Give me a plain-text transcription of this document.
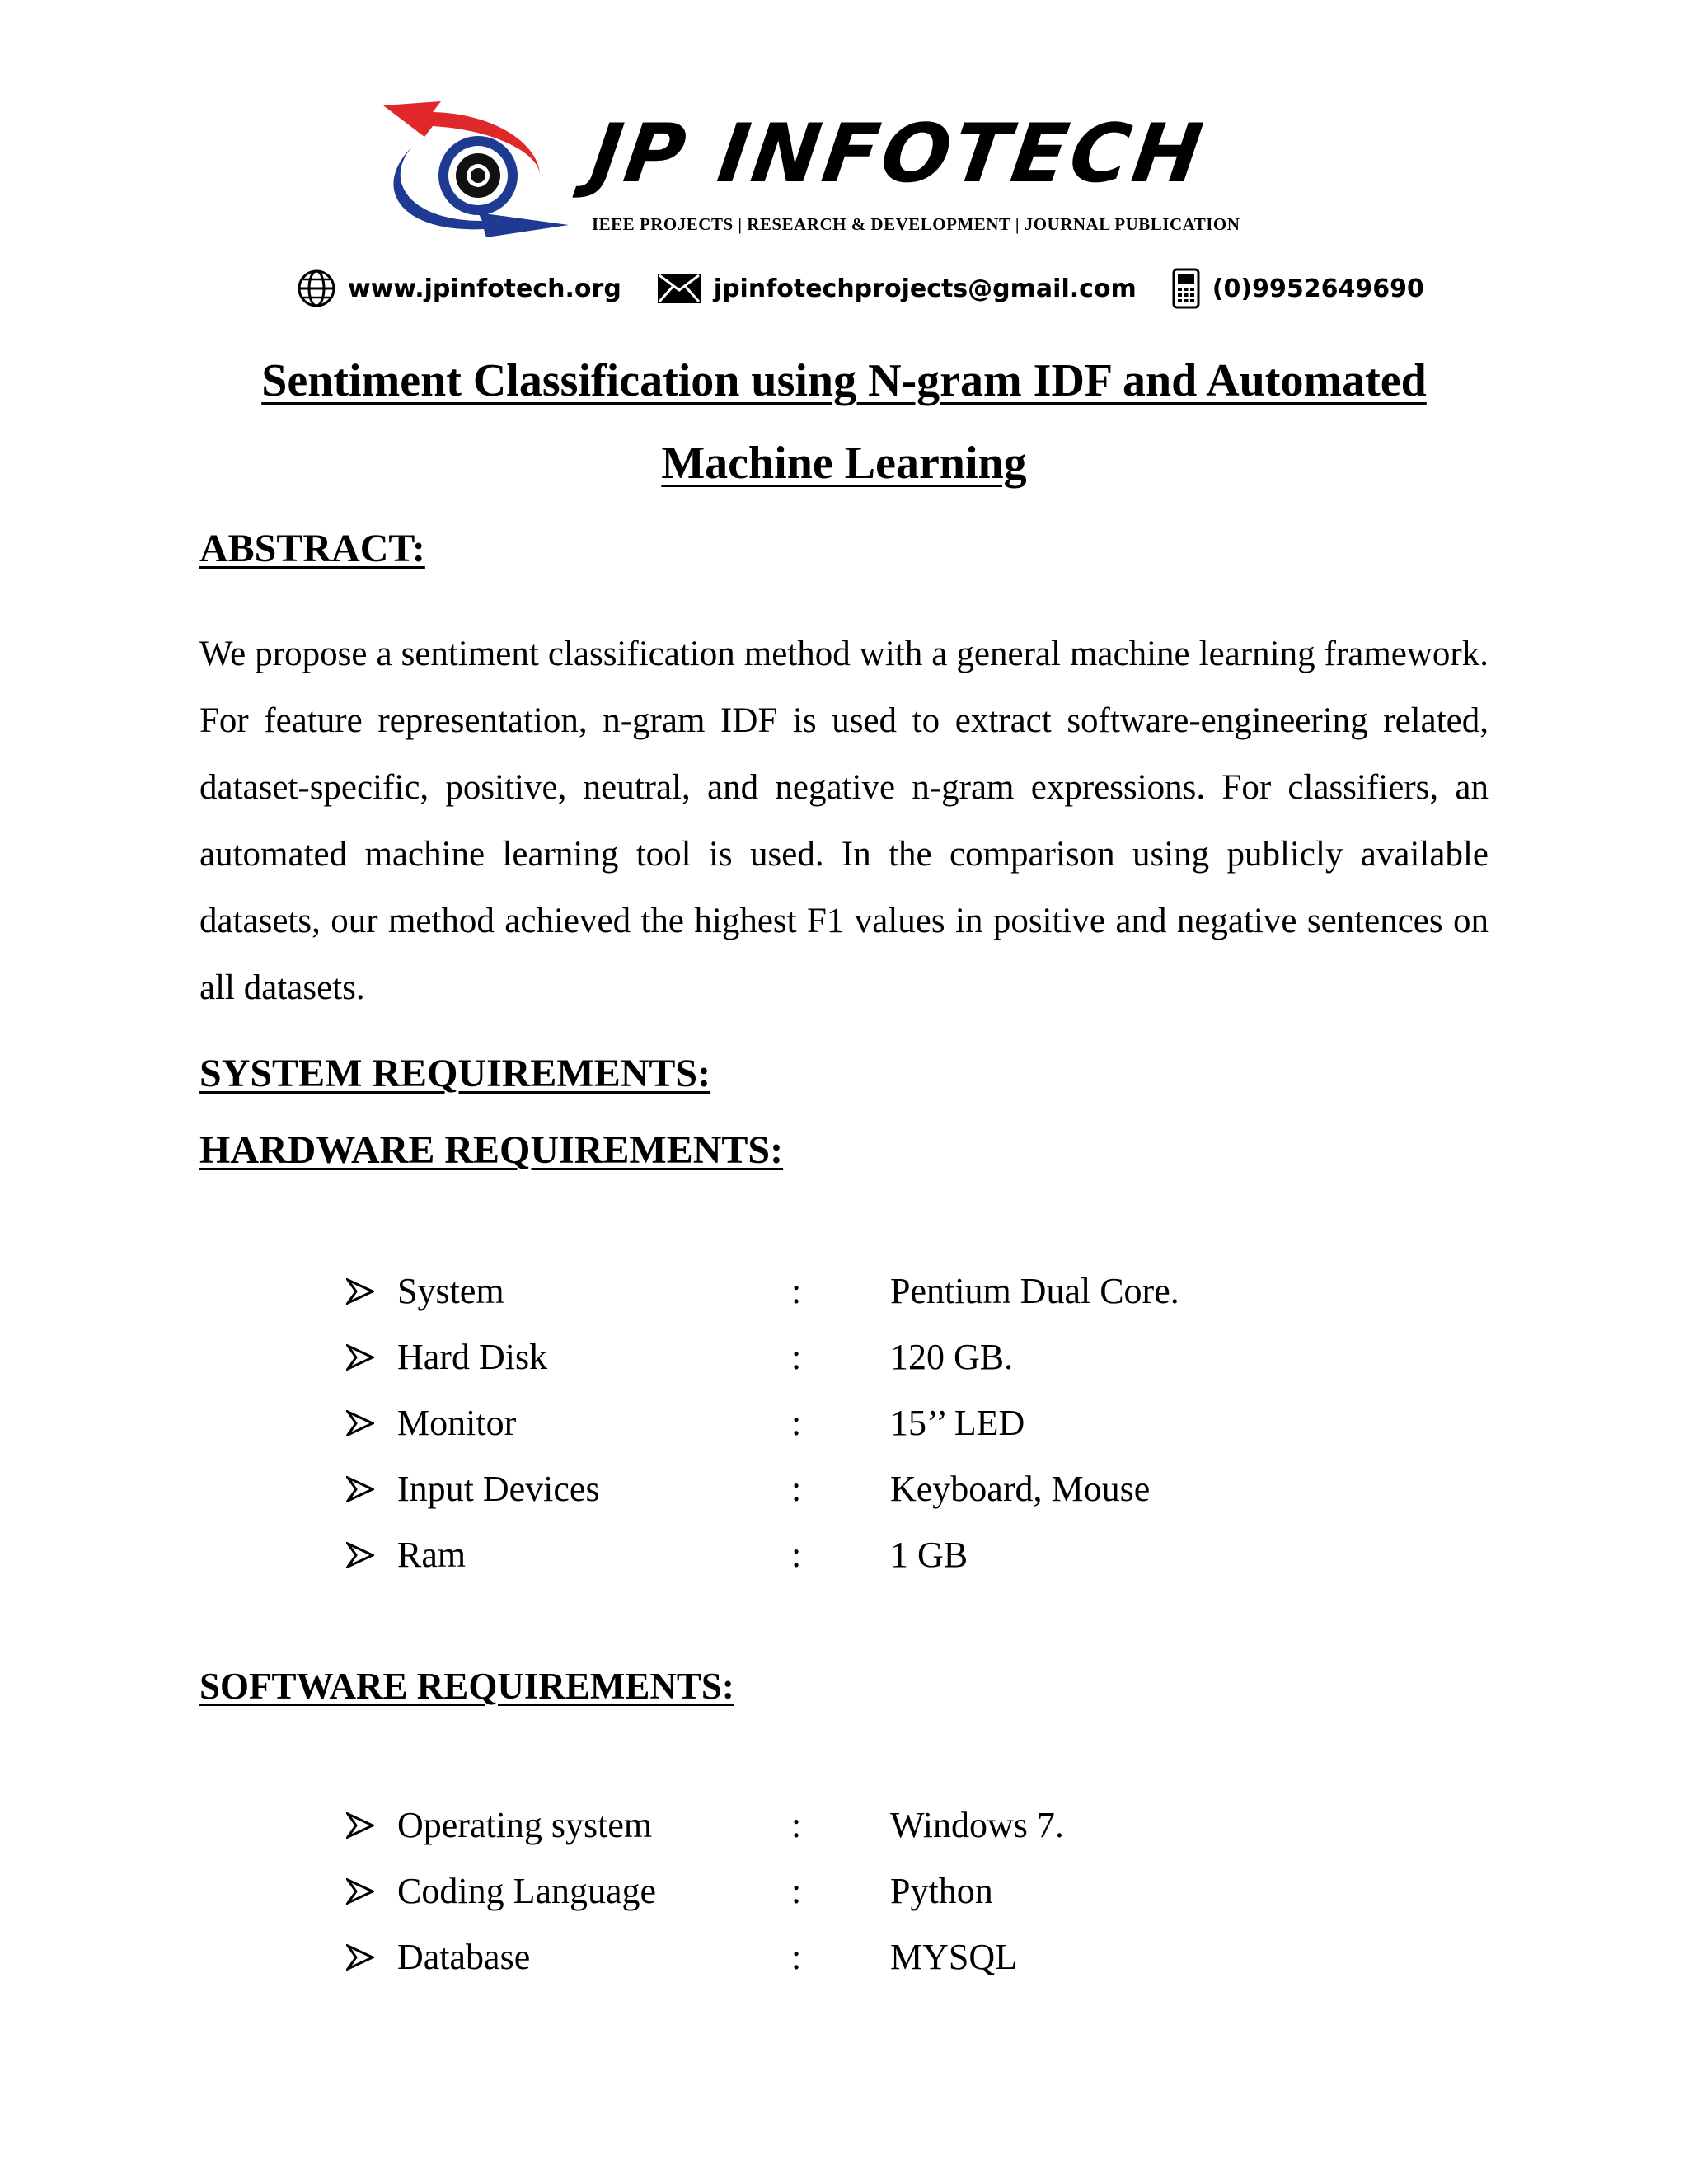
JP INFOTECH
IEEE PROJECTS | RESEARCH & DEVELOPMENT | JOURNAL PUBLICATION
www.jpinfotech.org	jpinfotechprojects@gmail.com	(0)9952649690
Sentiment Classification using N-gram IDF and Automated
Machine Learning
ABSTRACT:
We propose a sentiment classification method with a general machine learning framework. For feature representation, n-gram IDF is used to extract software-engineering related, dataset-specific, positive, neutral, and negative n-gram expressions. For classifiers, an automated machine learning tool is used. In the comparison using publicly available datasets, our method achieved the highest F1 values in positive and negative sentences on all datasets.
SYSTEM REQUIREMENTS:
HARDWARE REQUIREMENTS:
System	: Pentium Dual Core.
Hard Disk	: 120 GB.
Monitor	: 15’’ LED
Input Devices	: Keyboard, Mouse
Ram	: 1 GB
SOFTWARE REQUIREMENTS:
Operating system	: Windows 7.
Coding Language	: Python
Database	: MYSQL
